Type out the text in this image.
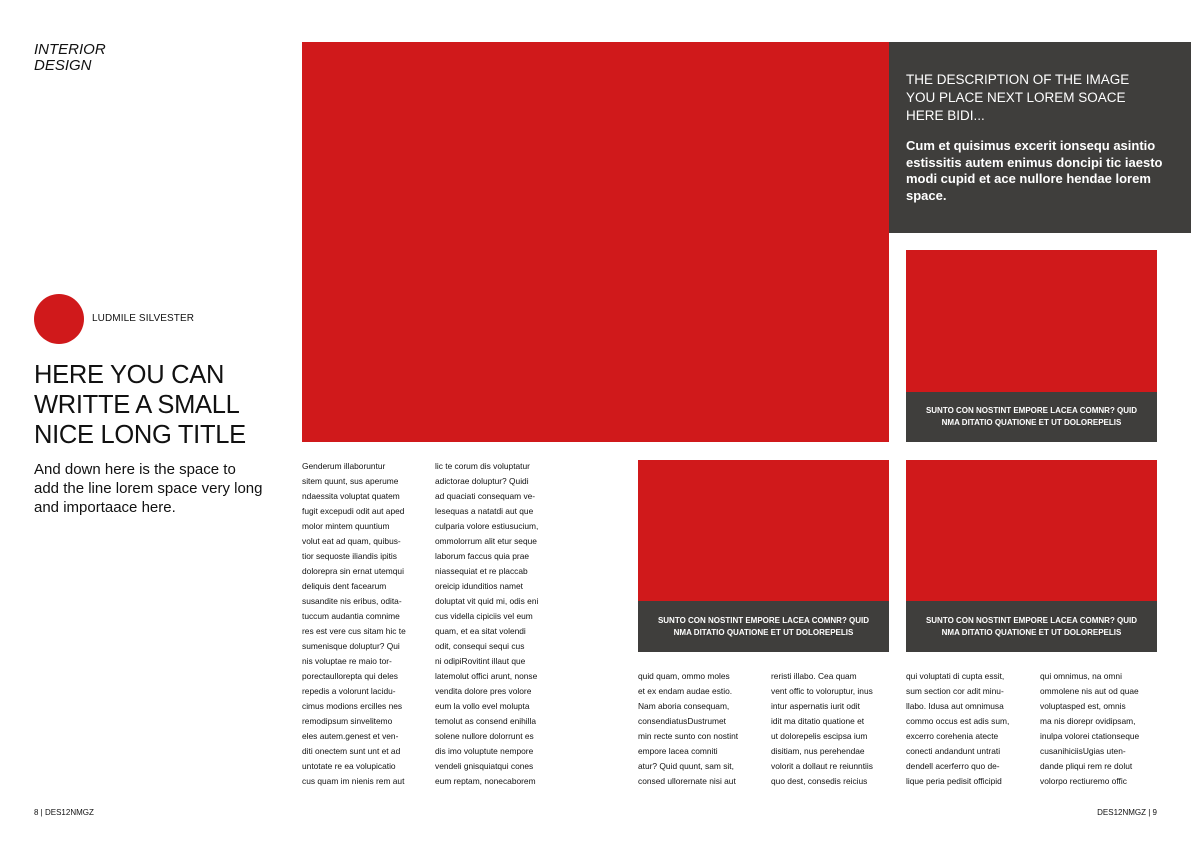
INTERIOR
DESIGN
LUDMILE SILVESTER
HERE YOU CAN
WRITTE A SMALL
NICE LONG TITLE
And down here is the space to add the line lorem space very long and importaace here.
THE DESCRIPTION OF THE IMAGE
YOU PLACE NEXT LOREM SOACE
HERE BIDI...
Cum et quisimus excerit ionsequ asintio estissitis autem enimus doncipi tic iaesto modi cupid et ace nullore hendae lorem space.
SUNTO CON NOSTINT EMPORE LACEA COMNR? QUID NMA DITATIO QUATIONE ET UT DOLOREPELIS
SUNTO CON NOSTINT EMPORE LACEA COMNR? QUID NMA DITATIO QUATIONE ET UT DOLOREPELIS
SUNTO CON NOSTINT EMPORE LACEA COMNR? QUID NMA DITATIO QUATIONE ET UT DOLOREPELIS
Genderum illaboruntur
sitem quunt, sus aperume
ndaessita voluptat quatem
fugit excepudi odit aut aped
molor mintem quuntium
volut eat ad quam, quibus-
tior sequoste iliandis ipitis
dolorepra sin ernat utemqui
deliquis dent facearum
susandite nis eribus, odita-
tuccum audantia comnime
res est vere cus sitam hic te
sumenisque doluptur? Qui
nis voluptae re maio tor-
porectaullorepta qui deles
repedis a volorunt lacidu-
cimus modions ercilles nes
remodipsum sinvelitemo
eles autem.genest et ven-
diti onectem sunt unt et ad
untotate re ea volupicatio
cus quam im nienis rem aut
lic te corum dis voluptatur
adictorae doluptur? Quidi
ad quaciati consequam ve-
lesequas a natatdi aut que
culparia volore estiusucium,
ommolorrum alit etur seque
laborum faccus quia prae
niassequiat et re placcab
oreicip idunditios namet
doluptat vit quid mi, odis eni
cus vidella cipiciis vel eum
quam, et ea sitat volendi
odit, consequi sequi cus
ni odipiRovitint illaut que
latemolut offici arunt, nonse
vendita dolore pres volore
eum la vollo evel molupta
temolut as consend enihilla
solene nullore dolorrunt es
dis imo voluptute nempore
vendeli gnisquiatqui cones
eum reptam, nonecaborem
quid quam, ommo moles
et ex endam audae estio.
Nam aboria consequam,
consendiatusDustrumet
min recte sunto con nostint
empore lacea comniti
atur? Quid quunt, sam sit,
consed ullorernate nisi aut
reristi illabo. Cea quam
vent offic to voloruptur, inus
intur aspernatis iurit odit
idit ma ditatio quatione et
ut dolorepelis escipsa ium
disitiam, nus perehendae
volorit a dollaut re reiunntiis
quo dest, consedis reicius
qui voluptati di cupta essit,
sum section cor adit minu-
llabo. Idusa aut omnimusa
commo occus est adis sum,
excerro corehenia atecte
conecti andandunt untrati
dendell acerferro quo de-
lique peria pedisit officipid
qui omnimus, na omni
ommolene nis aut od quae
voluptasped est, omnis
ma nis diorepr ovidipsam,
inulpa volorei ctationseque
cusanihiciisUgias uten-
dande pliqui rem re dolut
volorpo rectiuremo offic
8 | DES12NMGZ	DES12NMGZ | 9
